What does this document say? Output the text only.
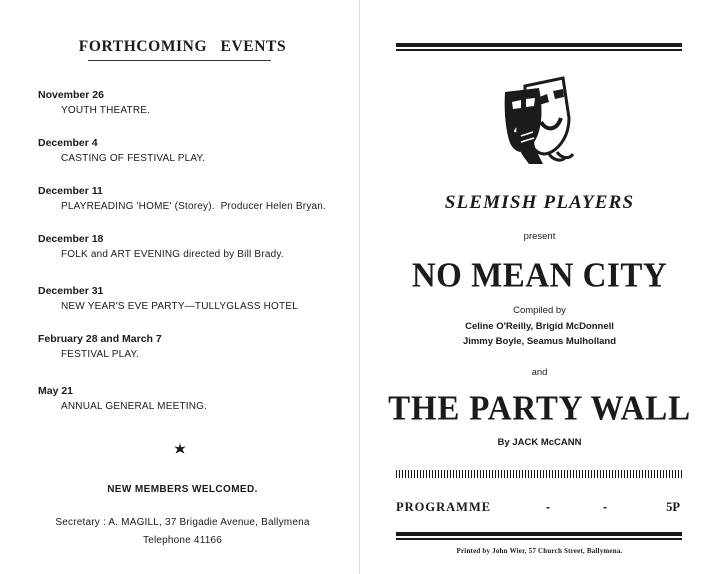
FORTHCOMING   EVENTS
November 26
YOUTH THEATRE.
December 4
CASTING OF FESTIVAL PLAY.
December 11
PLAYREADING 'HOME' (Storey).  Producer Helen Bryan.
December 18
FOLK and ART EVENING directed by Bill Brady.
December 31
NEW YEAR'S EVE PARTY—TULLYGLASS HOTEL
February 28 and March 7
FESTIVAL PLAY.
May 21
ANNUAL GENERAL MEETING.
NEW MEMBERS WELCOMED.
Secretary : A. MAGILL, 37 Brigadie Avenue, Ballymena
Telephone 41166
SLEMISH PLAYERS
present
NO MEAN CITY
Compiled by
Celine O'Reilly, Brigid McDonnell
Jimmy Boyle, Seamus Mulholland
and
THE PARTY WALL
By JACK McCANN
PROGRAMME	-	-	5P
Printed by John Wier, 57 Church Street, Ballymena.
